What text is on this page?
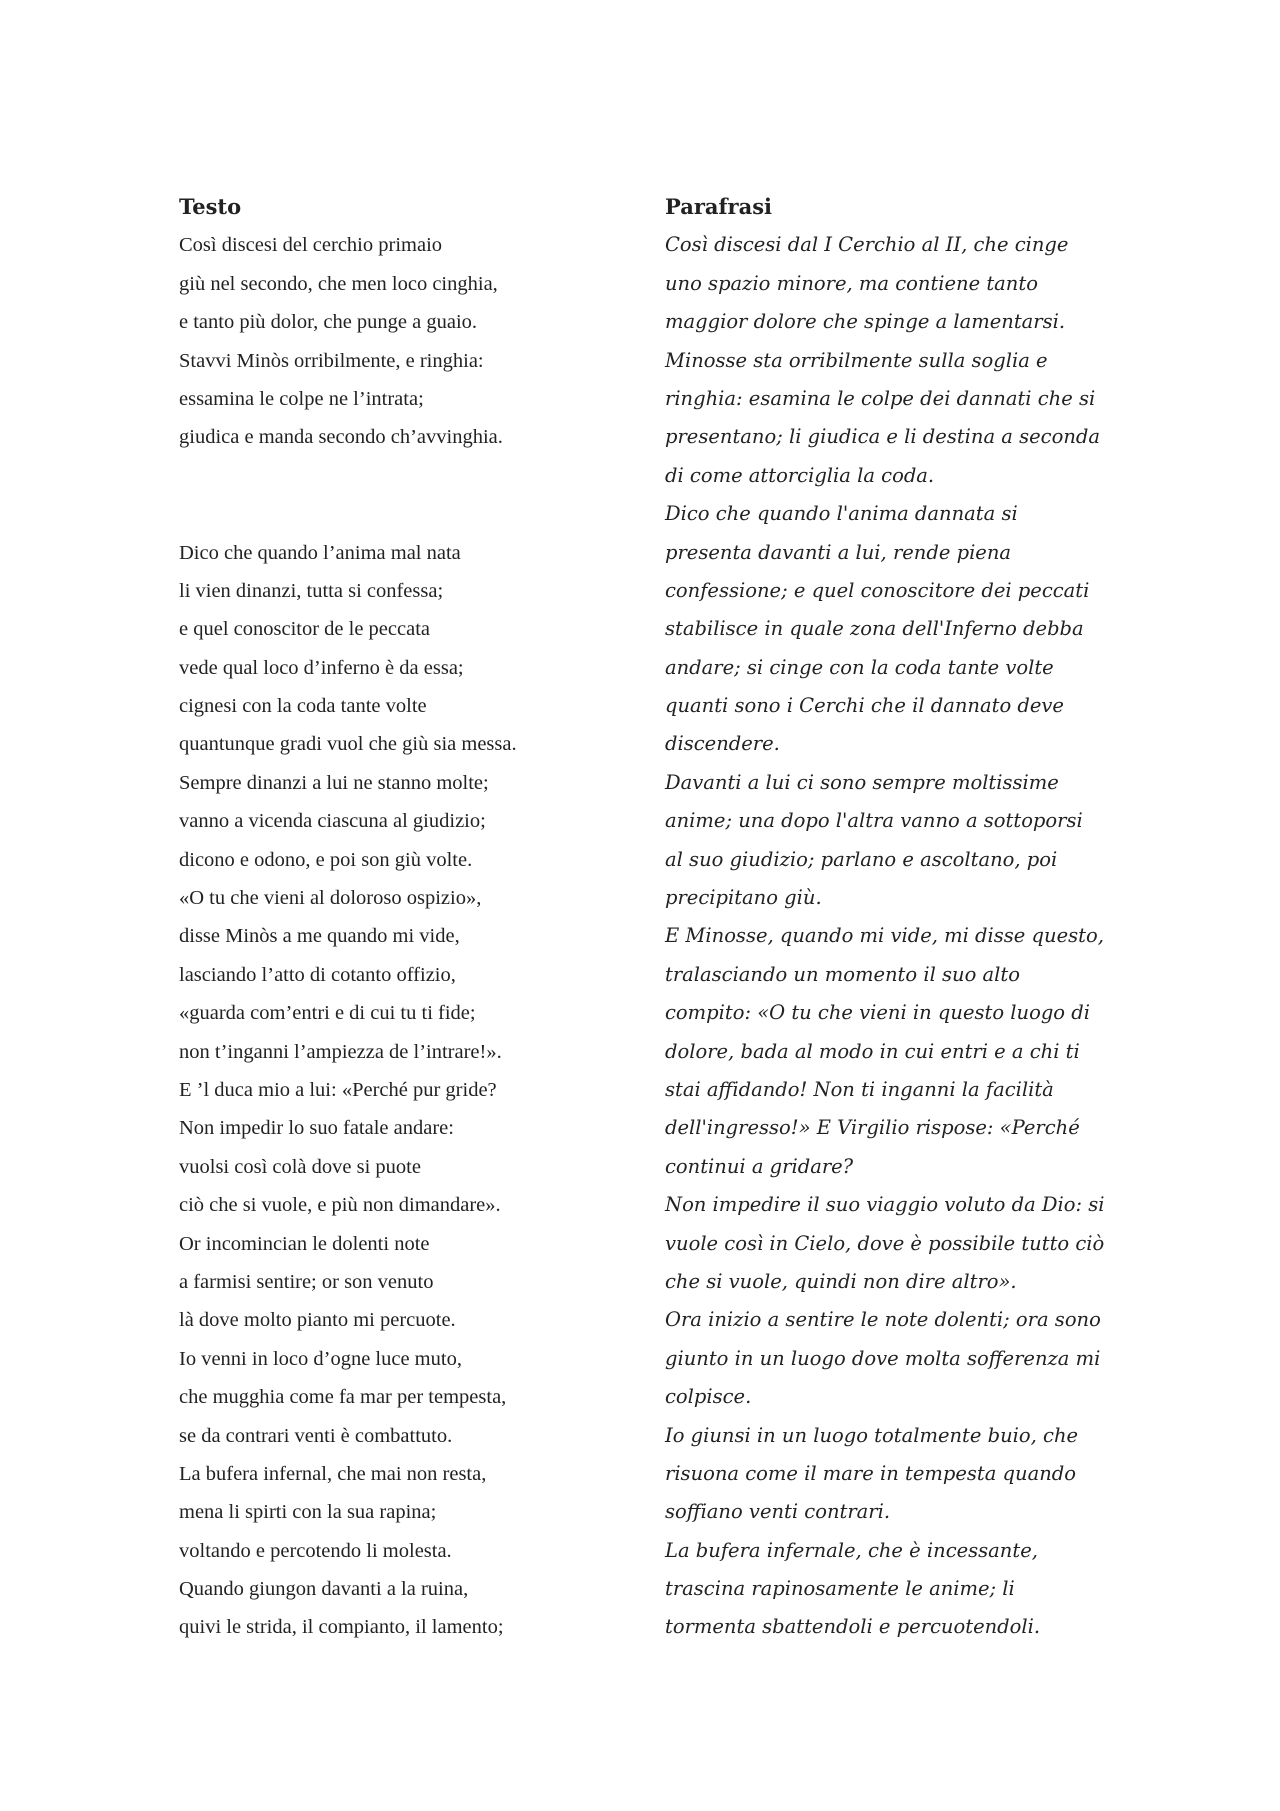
Testo
Così discesi del cerchio primaio
giù nel secondo, che men loco cinghia,
e tanto più dolor, che punge a guaio.
Stavvi Minòs orribilmente, e ringhia:
essamina le colpe ne l’intrata;
giudica e manda secondo ch’avvinghia.
Dico che quando l’anima mal nata
li vien dinanzi, tutta si confessa;
e quel conoscitor de le peccata
vede qual loco d’inferno è da essa;
cignesi con la coda tante volte
quantunque gradi vuol che giù sia messa.
Sempre dinanzi a lui ne stanno molte;
vanno a vicenda ciascuna al giudizio;
dicono e odono, e poi son giù volte.
«O tu che vieni al doloroso ospizio»,
disse Minòs a me quando mi vide,
lasciando l’atto di cotanto offizio,
«guarda com’entri e di cui tu ti fide;
non t’inganni l’ampiezza de l’intrare!».
E ’l duca mio a lui: «Perché pur gride?
Non impedir lo suo fatale andare:
vuolsi così colà dove si puote
ciò che si vuole, e più non dimandare».
Or incomincian le dolenti note
a farmisi sentire; or son venuto
là dove molto pianto mi percuote.
Io venni in loco d’ogne luce muto,
che mugghia come fa mar per tempesta,
se da contrari venti è combattuto.
La bufera infernal, che mai non resta,
mena li spirti con la sua rapina;
voltando e percotendo li molesta.
Quando giungon davanti a la ruina,
quivi le strida, il compianto, il lamento;
Parafrasi
Così discesi dal I Cerchio al II, che cinge
uno spazio minore, ma contiene tanto
maggior dolore che spinge a lamentarsi.
Minosse sta orribilmente sulla soglia e
ringhia: esamina le colpe dei dannati che si
presentano; li giudica e li destina a seconda
di come attorciglia la coda.
Dico che quando l'anima dannata si
presenta davanti a lui, rende piena
confessione; e quel conoscitore dei peccati
stabilisce in quale zona dell'Inferno debba
andare; si cinge con la coda tante volte
quanti sono i Cerchi che il dannato deve
discendere.
Davanti a lui ci sono sempre moltissime
anime; una dopo l'altra vanno a sottoporsi
al suo giudizio; parlano e ascoltano, poi
precipitano giù.
E Minosse, quando mi vide, mi disse questo,
tralasciando un momento il suo alto
compito: «O tu che vieni in questo luogo di
dolore, bada al modo in cui entri e a chi ti
stai affidando! Non ti inganni la facilità
dell'ingresso!» E Virgilio rispose: «Perché
continui a gridare?
Non impedire il suo viaggio voluto da Dio: si
vuole così in Cielo, dove è possibile tutto ciò
che si vuole, quindi non dire altro».
Ora inizio a sentire le note dolenti; ora sono
giunto in un luogo dove molta sofferenza mi
colpisce.
Io giunsi in un luogo totalmente buio, che
risuona come il mare in tempesta quando
soffiano venti contrari.
La bufera infernale, che è incessante,
trascina rapinosamente le anime; li
tormenta sbattendoli e percuotendoli.
